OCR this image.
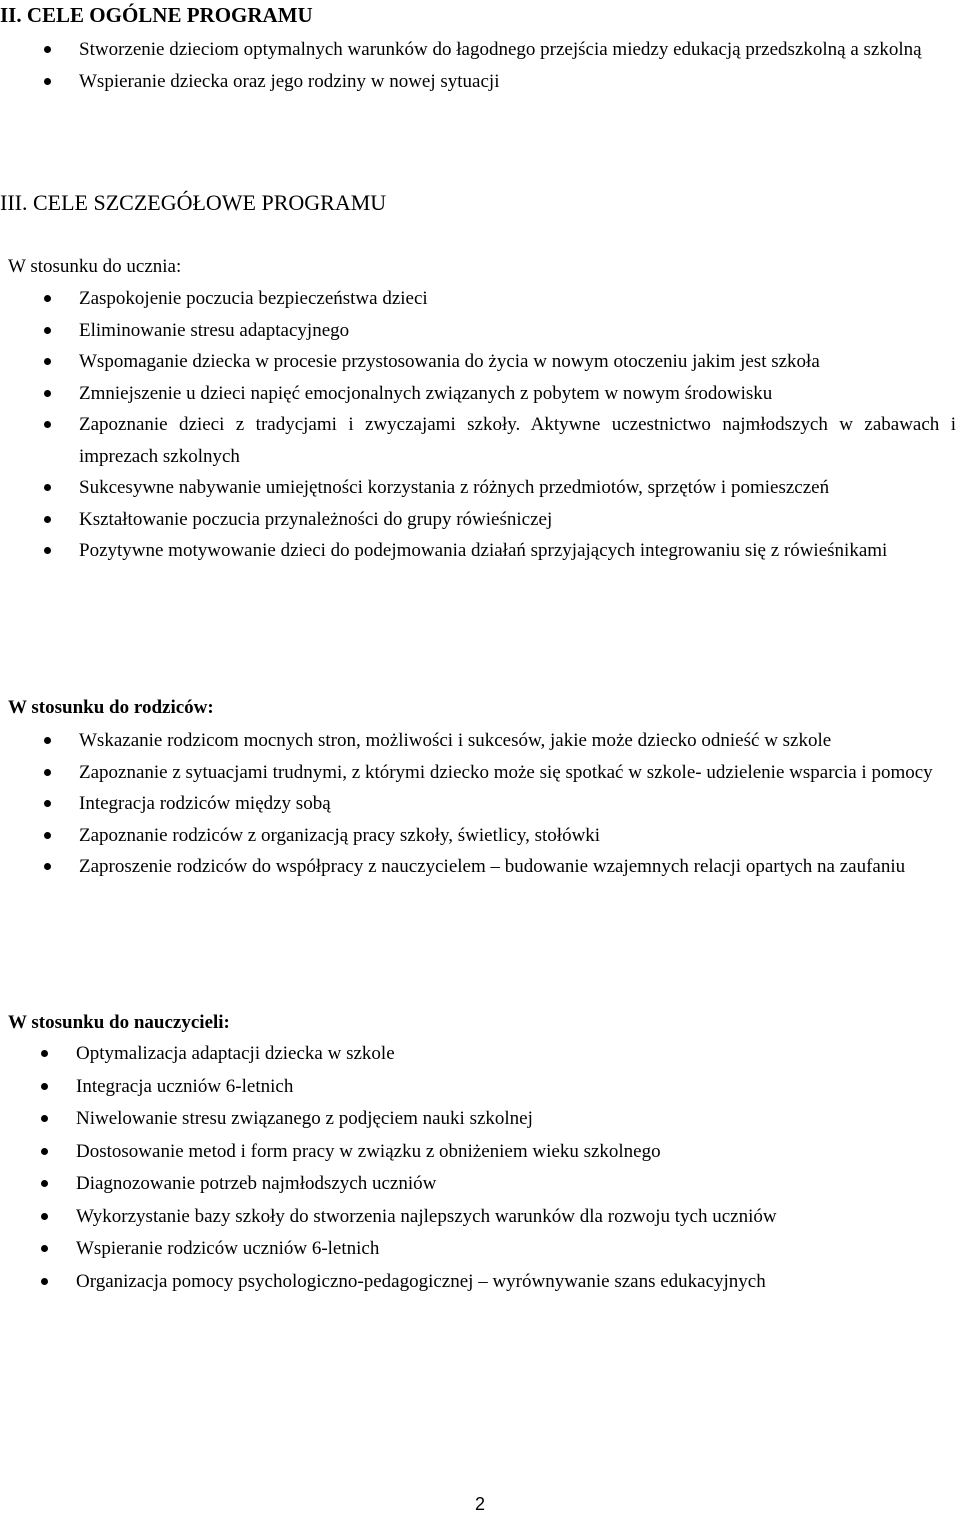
II. CELE OGÓLNE PROGRAMU
Stworzenie dzieciom optymalnych warunków do łagodnego przejścia miedzy edukacją przedszkolną a szkolną
Wspieranie dziecka oraz jego rodziny w nowej sytuacji
III. CELE SZCZEGÓŁOWE PROGRAMU
W stosunku do ucznia:
Zaspokojenie poczucia bezpieczeństwa dzieci
Eliminowanie stresu adaptacyjnego
Wspomaganie dziecka w procesie przystosowania do życia w nowym otoczeniu jakim jest szkoła
Zmniejszenie u dzieci napięć emocjonalnych związanych z pobytem w nowym środowisku
Zapoznanie dzieci z tradycjami i zwyczajami szkoły. Aktywne uczestnictwo najmłodszych w zabawach i imprezach szkolnych
Sukcesywne nabywanie umiejętności korzystania z różnych przedmiotów, sprzętów i pomieszczeń
Kształtowanie poczucia przynależności do grupy rówieśniczej
Pozytywne motywowanie dzieci do podejmowania działań sprzyjających integrowaniu się z rówieśnikami
W stosunku do rodziców:
Wskazanie rodzicom mocnych stron, możliwości i sukcesów, jakie może dziecko odnieść w szkole
Zapoznanie z sytuacjami trudnymi, z którymi dziecko może się spotkać w szkole- udzielenie wsparcia i pomocy
Integracja rodziców między sobą
Zapoznanie rodziców z organizacją pracy szkoły, świetlicy, stołówki
Zaproszenie rodziców do współpracy z nauczycielem – budowanie wzajemnych relacji opartych na zaufaniu
W stosunku do nauczycieli:
Optymalizacja adaptacji dziecka w szkole
Integracja uczniów 6-letnich
Niwelowanie stresu związanego z podjęciem nauki szkolnej
Dostosowanie metod i form pracy w związku z obniżeniem wieku szkolnego
Diagnozowanie potrzeb najmłodszych uczniów
Wykorzystanie bazy szkoły do stworzenia najlepszych warunków dla rozwoju tych uczniów
Wspieranie rodziców uczniów 6-letnich
Organizacja pomocy psychologiczno-pedagogicznej – wyrównywanie szans edukacyjnych
2
